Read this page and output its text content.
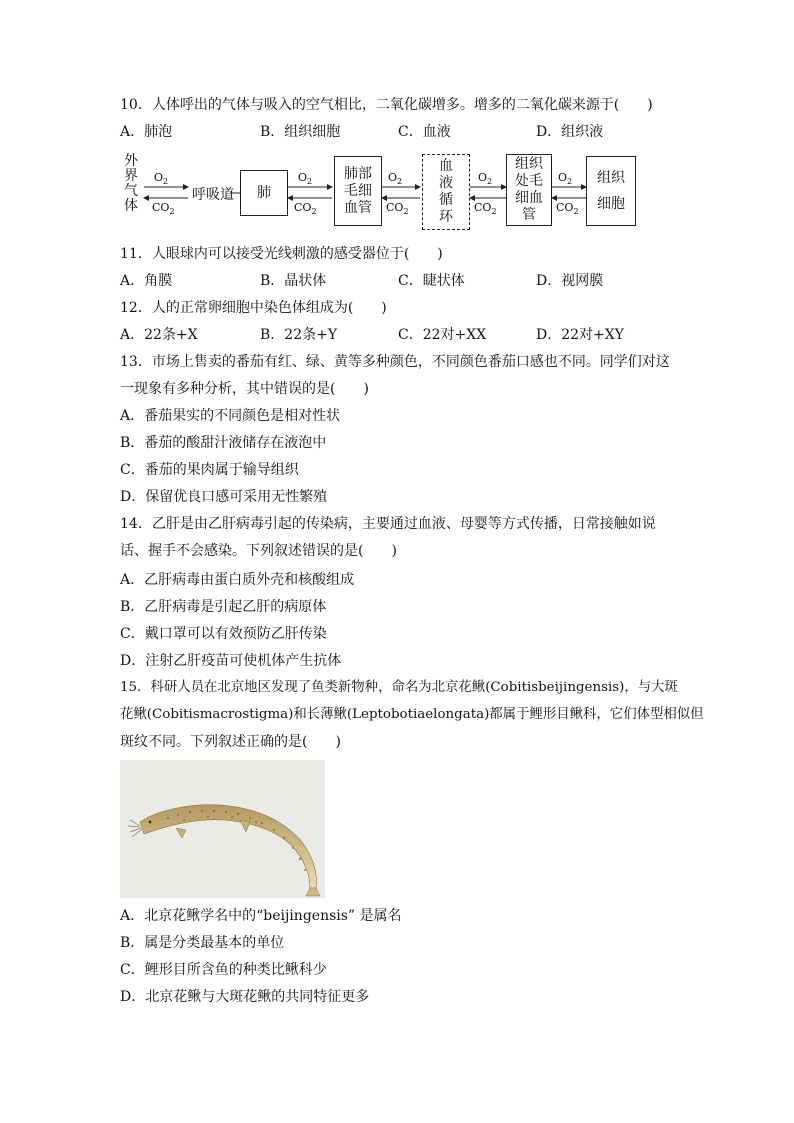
10．人体呼出的气体与吸入的空气相比，二氧化碳增多。增多的二氧化碳来源于(　　)
A．肺泡	B．组织细胞	C．血液	D．组织液
外界气体
$O_2$
$CO_2$
呼吸道	肺
$O_2$
$CO_2$
肺部毛细血管
$O_2$
$CO_2$
血液循环
$O_2$
$CO_2$
组织处毛细血管
$O_2$
$CO_2$
组织细胞
11．人眼球内可以接受光线刺激的感受器位于(　　)
A．角膜	B．晶状体	C．睫状体	D．视网膜
12．人的正常卵细胞中染色体组成为(　　)
A．22条+X	B．22条+Y	C．22对+XX	D．22对+XY
13．市场上售卖的番茄有红、绿、黄等多种颜色，不同颜色番茄口感也不同。同学们对这
一现象有多种分析，其中错误的是(　　)
A．番茄果实的不同颜色是相对性状
B．番茄的酸甜汁液储存在液泡中
C．番茄的果肉属于输导组织
D．保留优良口感可采用无性繁殖
14．乙肝是由乙肝病毒引起的传染病，主要通过血液、母婴等方式传播，日常接触如说
话、握手不会感染。下列叙述错误的是(　　)
A．乙肝病毒由蛋白质外壳和核酸组成
B．乙肝病毒是引起乙肝的病原体
C．戴口罩可以有效预防乙肝传染
D．注射乙肝疫苗可使机体产生抗体
15．科研人员在北京地区发现了鱼类新物种，命名为北京花鳅(Cobitisbeijingensis)，与大斑
花鳅(Cobitismacrostigma)和长薄鳅(Leptobotiaelongata)都属于鲤形目鳅科，它们体型相似但
斑纹不同。下列叙述正确的是(　　)
A．北京花鳅学名中的“beijingensis” 是属名
B．属是分类最基本的单位
C．鲤形目所含鱼的种类比鳅科少
D．北京花鳅与大斑花鳅的共同特征更多
